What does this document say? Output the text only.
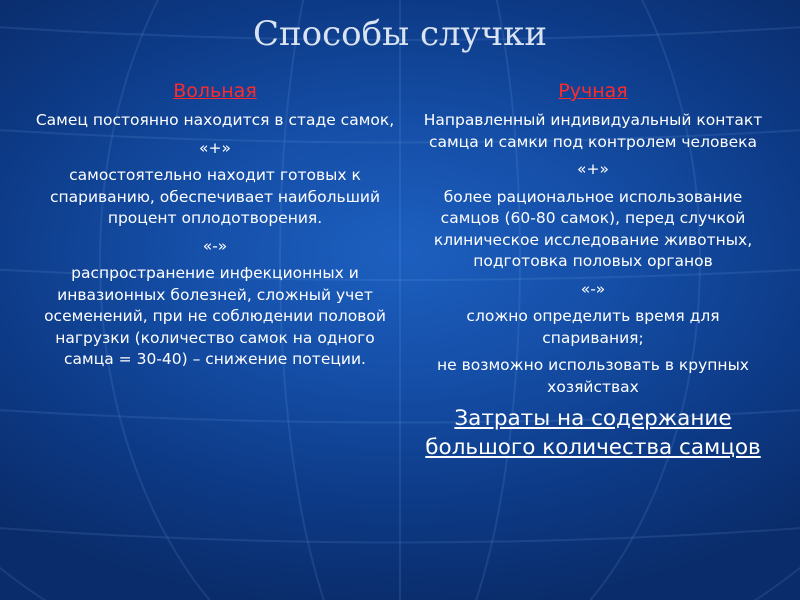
Способы случки
Вольная

Самец постоянно находится в стаде самок,

«+»

самостоятельно находит готовых к спариванию, обеспечивает наибольший процент оплодотворения.

«-»

распространение инфекционных и инвазионных болезней, сложный учет осеменений, при не соблюдении половой нагрузки (количество самок на одного самца = 30-40) – снижение потеции.

Ручная

Направленный индивидуальный контакт самца и самки под контролем человека

«+»

более рациональное использование самцов (60-80 самок), перед случкой клиническое исследование животных, подготовка половых органов

«-»

сложно определить время для спаривания;

не возможно использовать в крупных хозяйствах

Затраты на содержание большого количества самцов
